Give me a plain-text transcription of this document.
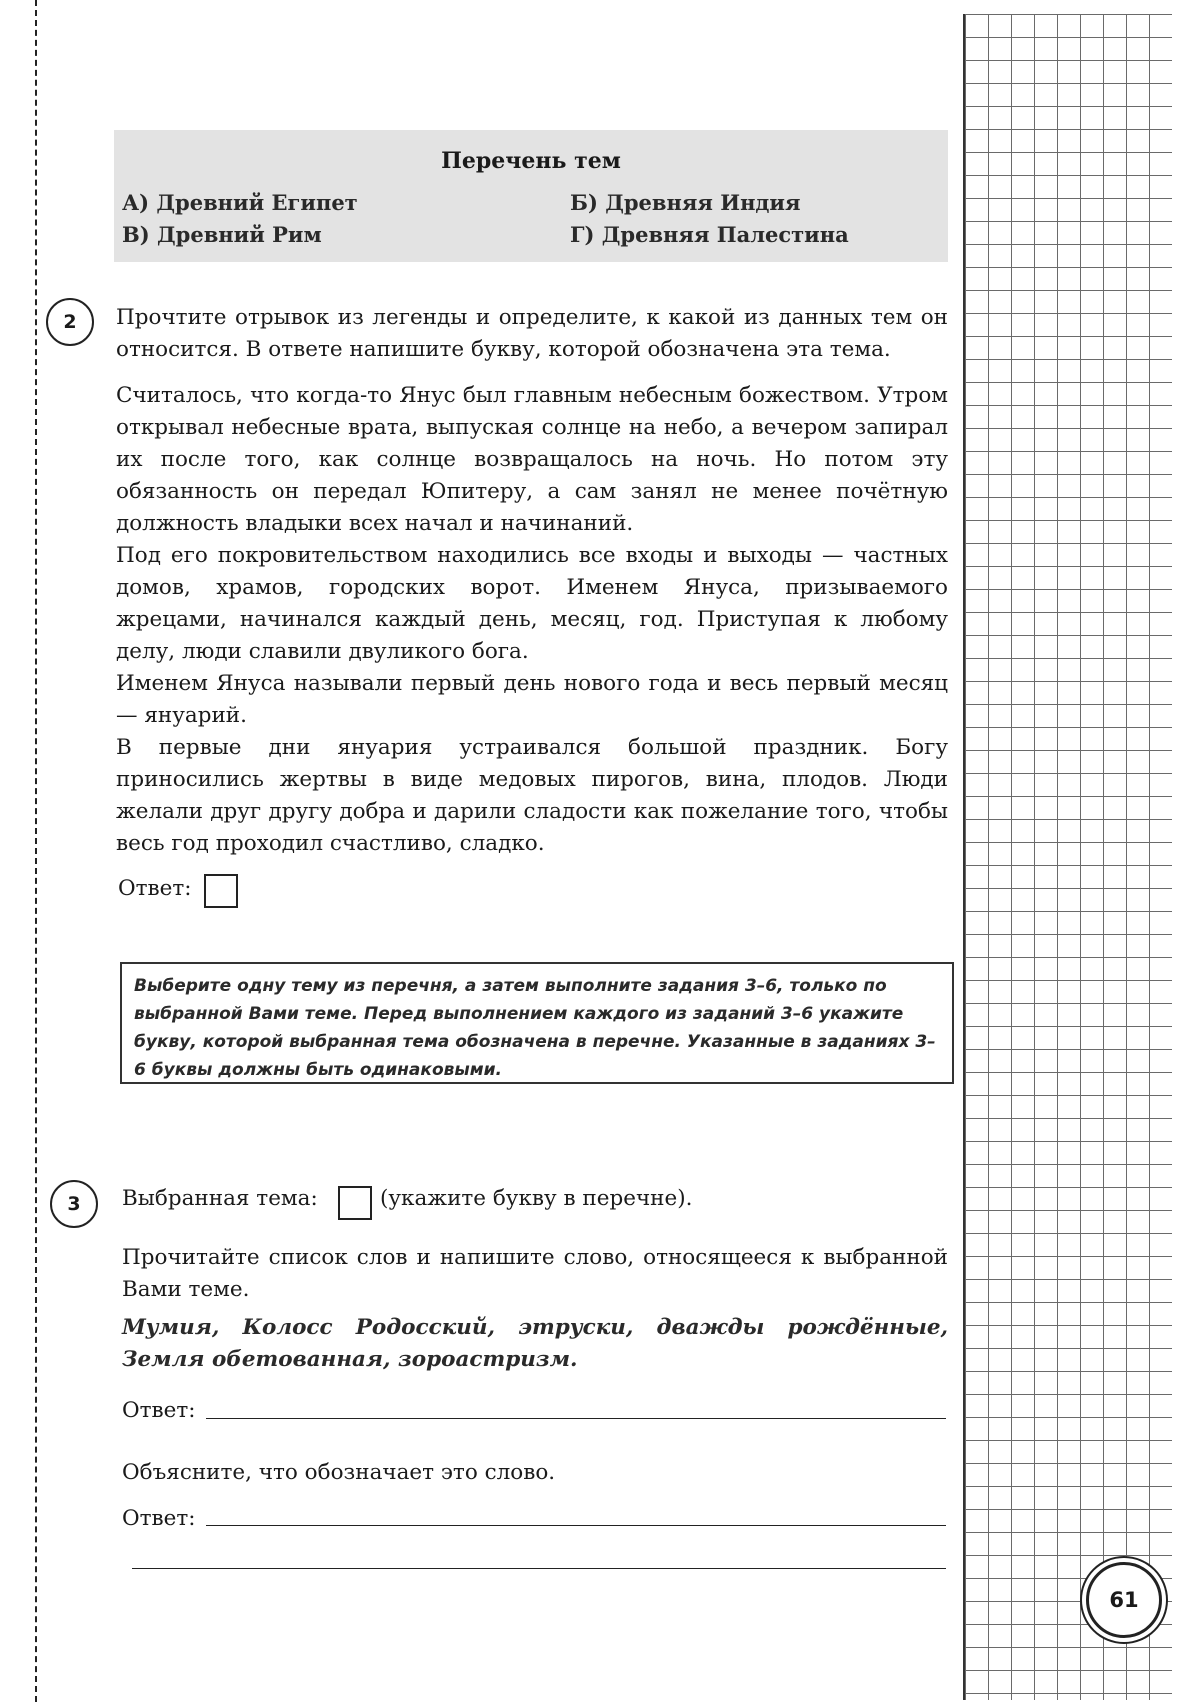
Перечень тем
А) Древний Египет	Б) Древняя Индия
В) Древний Рим	Г) Древняя Палестина
2	Прочтите отрывок из легенды и определите, к какой из данных тем он относится. В ответе напишите букву, которой обозначена эта тема.

Считалось, что когда-то Янус был главным небесным божеством. Утром открывал небесные врата, выпуская солнце на небо, а вечером запирал их после того, как солнце возвращалось на ночь. Но потом эту обязанность он передал Юпитеру, а сам занял не менее почётную должность владыки всех начал и начинаний.

Под его покровительством находились все входы и выходы — частных домов, храмов, городских ворот. Именем Януса, призываемого жрецами, начинался каждый день, месяц, год. Приступая к любому делу, люди славили двуликого бога.

Именем Януса называли первый день нового года и весь первый месяц — януарий.

В первые дни януария устраивался большой праздник. Богу приносились жертвы в виде медовых пирогов, вина, плодов. Люди желали друг другу добра и дарили сладости как пожелание того, чтобы весь год проходил счастливо, сладко.

Ответ:
Выберите одну тему из перечня, а затем выполните задания 3–6, только по выбранной Вами теме. Перед выполнением каждого из заданий 3–6 укажите букву, которой выбранная тема обозначена в перечне. Указанные в заданиях 3–6 буквы должны быть одинаковыми.
3	Выбранная тема:	(укажите букву в перечне).
Прочитайте список слов и напишите слово, относящееся к выбранной Вами теме.
Мумия, Колосс Родосский, этруски, дважды рождённые, Земля обетованная, зороастризм.
Ответ:
Объясните, что обозначает это слово.
Ответ:
61
